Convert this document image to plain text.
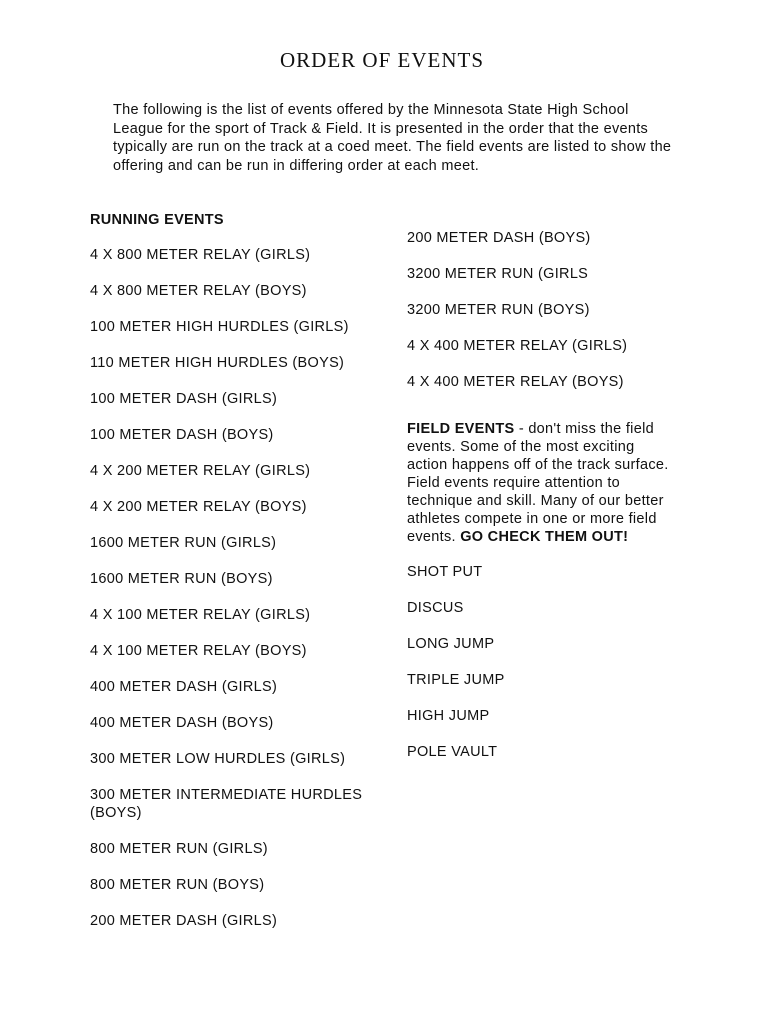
ORDER OF EVENTS

The following is the list of events offered by the Minnesota State High School League for the sport of Track & Field. It is presented in the order that the events typically are run on the track at a coed meet. The field events are listed to show the offering and can be run in differing order at each meet.

RUNNING EVENTS
4 X 800 METER RELAY (GIRLS)
4 X 800 METER RELAY (BOYS)
100 METER HIGH HURDLES (GIRLS)
110 METER HIGH HURDLES (BOYS)
100 METER DASH (GIRLS)
100 METER DASH (BOYS)
4 X 200 METER RELAY (GIRLS)
4 X 200 METER RELAY (BOYS)
1600 METER RUN (GIRLS)
1600 METER RUN (BOYS)
4 X 100 METER RELAY (GIRLS)
4 X 100 METER RELAY (BOYS)
400 METER DASH (GIRLS)
400 METER DASH (BOYS)
300 METER LOW HURDLES (GIRLS)
300 METER INTERMEDIATE HURDLES (BOYS)
800 METER RUN (GIRLS)
800 METER RUN (BOYS)
200 METER DASH (GIRLS)
200 METER DASH (BOYS)
3200 METER RUN (GIRLS
3200 METER RUN (BOYS)
4 X 400 METER RELAY (GIRLS)
4 X 400 METER RELAY (BOYS)
FIELD EVENTS - don't miss the field events. Some of the most exciting action happens off of the track surface. Field events require attention to technique and skill. Many of our better athletes compete in one or more field events. GO CHECK THEM OUT!
SHOT PUT
DISCUS
LONG JUMP
TRIPLE JUMP
HIGH JUMP
POLE VAULT
